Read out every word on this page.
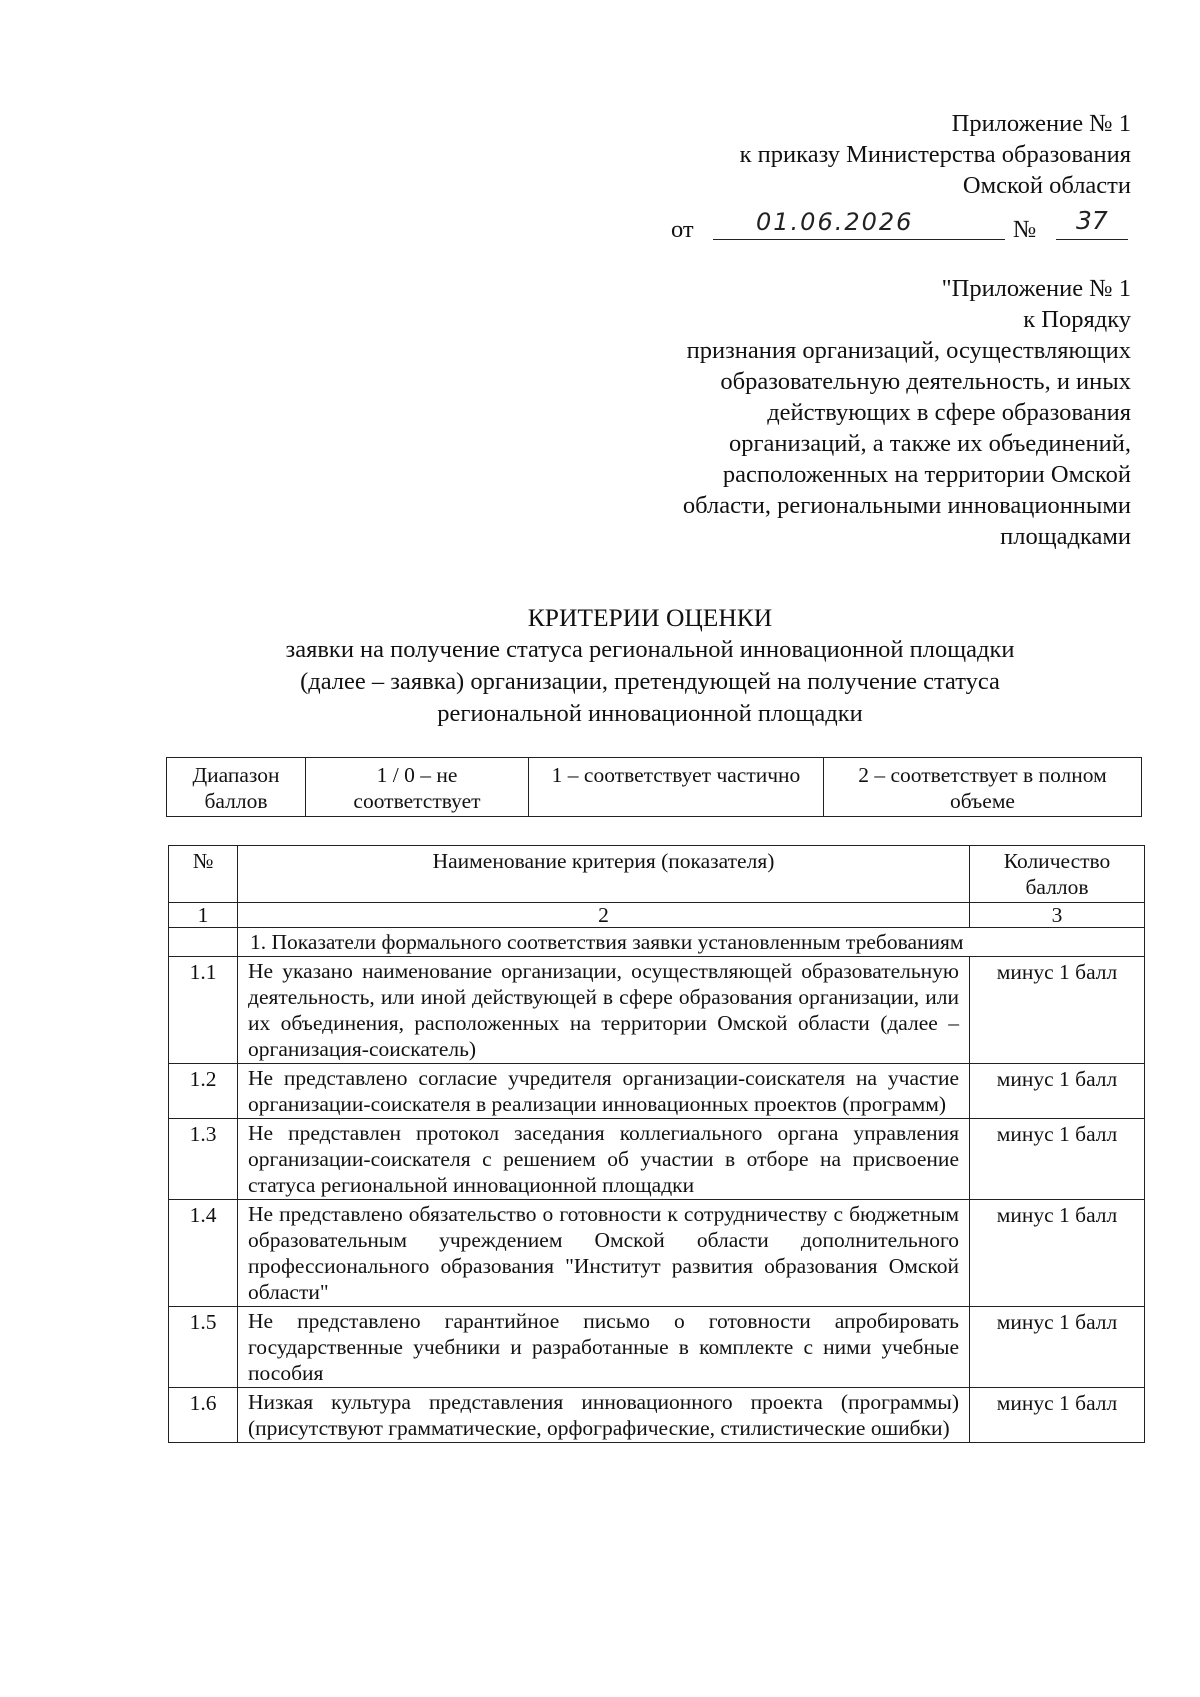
Приложение № 1
к приказу Министерства образования
Омской области
от	01.06.2026	№ 37
"Приложение № 1
к Порядку
признания организаций, осуществляющих
образовательную деятельность, и иных
действующих в сфере образования
организаций, а также их объединений,
расположенных на территории Омской
области, региональными инновационными
площадками
КРИТЕРИИ ОЦЕНКИ
заявки на получение статуса региональной инновационной площадки
(далее – заявка) организации, претендующей на получение статуса
региональной инновационной площадки
Диапазон баллов	1 / 0 – не соответствует	1 – соответствует частично	2 – соответствует в полном объеме
№	Наименование критерия (показателя)	Количество баллов
1	2	3
	1. Показатели формального соответствия заявки установленным требованиям	
1.1	Не указано наименование организации, осуществляющей образовательную деятельность, или иной действующей в сфере образования организации, или их объединения, расположенных на территории Омской области (далее – организация-соискатель)	минус 1 балл
1.2	Не представлено согласие учредителя организации-соискателя на участие организации-соискателя в реализации инновационных проектов (программ)	минус 1 балл
1.3	Не представлен протокол заседания коллегиального органа управления организации-соискателя с решением об участии в отборе на присвоение статуса региональной инновационной площадки	минус 1 балл
1.4	Не представлено обязательство о готовности к сотрудничеству с бюджетным образовательным учреждением Омской области дополнительного профессионального образования "Институт развития образования Омской области"	минус 1 балл
1.5	Не представлено гарантийное письмо о готовности апробировать государственные учебники и разработанные в комплекте с ними учебные пособия	минус 1 балл
1.6	Низкая культура представления инновационного проекта (программы) (присутствуют грамматические, орфографические, стилистические ошибки)	минус 1 балл
